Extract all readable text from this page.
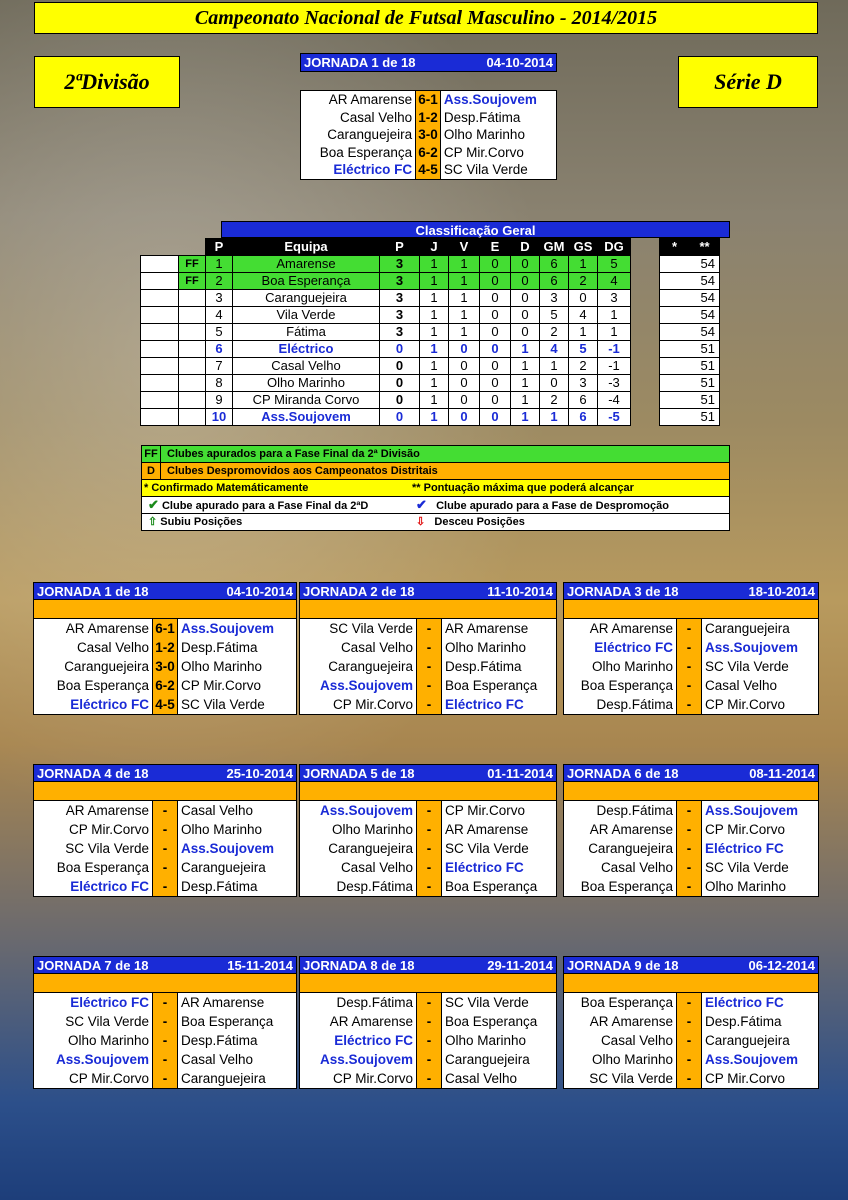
Campeonato Nacional de Futsal Masculino - 2014/2015
2ªDivisão	Série D
JORNADA 1 de 18	04-10-2014
AR Amarense 6-1 Ass.Soujovem
Casal Velho 1-2 Desp.Fátima
Caranguejeira 3-0 Olho Marinho
Boa Esperança 6-2 CP Mir.Corvo
Eléctrico FC 4-5 SC Vila Verde
Classificação Geral
		P	Equipa	P	J	V	E	D	GM	GS	DG		*	**
	FF	1	Amarense	3	1	1	0	0	6	1	5			54
	FF	2	Boa Esperança	3	1	1	0	0	6	2	4			54
		3	Caranguejeira	3	1	1	0	0	3	0	3			54
		4	Vila Verde	3	1	1	0	0	5	4	1			54
		5	Fátima	3	1	1	0	0	2	1	1			54
		6	Eléctrico	0	1	0	0	1	4	5	-1			51
		7	Casal Velho	0	1	0	0	1	1	2	-1			51
		8	Olho Marinho	0	1	0	0	1	0	3	-3			51
		9	CP Miranda Corvo	0	1	0	0	1	2	6	-4			51
		10	Ass.Soujovem	0	1	0	0	1	1	6	-5			51
FF Clubes apurados para a Fase Final da 2ª Divisão
D	Clubes Despromovidos aos Campeonatos Distritais
* Confirmado Matemáticamente	** Pontuação máxima que poderá alcançar
✔ Clube apurado para a Fase Final da 2ªD	✔ Clube apurado para a Fase de Despromoção
⇧ Subiu Posições	⇩ Desceu Posições
JORNADA 1 de 18	04-10-2014
AR Amarense 6-1 Ass.Soujovem
Casal Velho 1-2 Desp.Fátima
Caranguejeira 3-0 Olho Marinho
Boa Esperança 6-2 CP Mir.Corvo
Eléctrico FC 4-5 SC Vila Verde
JORNADA 2 de 18	11-10-2014
SC Vila Verde	-	AR Amarense
Casal Velho	-	Olho Marinho
Caranguejeira	-	Desp.Fátima
Ass.Soujovem	-	Boa Esperança
CP Mir.Corvo	-	Eléctrico FC
JORNADA 3 de 18	18-10-2014
AR Amarense	-	Caranguejeira
Eléctrico FC	-	Ass.Soujovem
Olho Marinho	-	SC Vila Verde
Boa Esperança	-	Casal Velho
Desp.Fátima	-	CP Mir.Corvo
JORNADA 4 de 18	25-10-2014
AR Amarense	-	Casal Velho
CP Mir.Corvo	-	Olho Marinho
SC Vila Verde	-	Ass.Soujovem
Boa Esperança	-	Caranguejeira
Eléctrico FC	-	Desp.Fátima
JORNADA 5 de 18	01-11-2014
Ass.Soujovem	-	CP Mir.Corvo
Olho Marinho	-	AR Amarense
Caranguejeira	-	SC Vila Verde
Casal Velho	-	Eléctrico FC
Desp.Fátima	-	Boa Esperança
JORNADA 6 de 18	08-11-2014
Desp.Fátima	-	Ass.Soujovem
AR Amarense	-	CP Mir.Corvo
Caranguejeira	-	Eléctrico FC
Casal Velho	-	SC Vila Verde
Boa Esperança	-	Olho Marinho
JORNADA 7 de 18	15-11-2014
Eléctrico FC	-	AR Amarense
SC Vila Verde	-	Boa Esperança
Olho Marinho	-	Desp.Fátima
Ass.Soujovem	-	Casal Velho
CP Mir.Corvo	-	Caranguejeira
JORNADA 8 de 18	29-11-2014
Desp.Fátima	-	SC Vila Verde
AR Amarense	-	Boa Esperança
Eléctrico FC	-	Olho Marinho
Ass.Soujovem	-	Caranguejeira
CP Mir.Corvo	-	Casal Velho
JORNADA 9 de 18	06-12-2014
Boa Esperança	-	Eléctrico FC
AR Amarense	-	Desp.Fátima
Casal Velho	-	Caranguejeira
Olho Marinho	-	Ass.Soujovem
SC Vila Verde	-	CP Mir.Corvo
